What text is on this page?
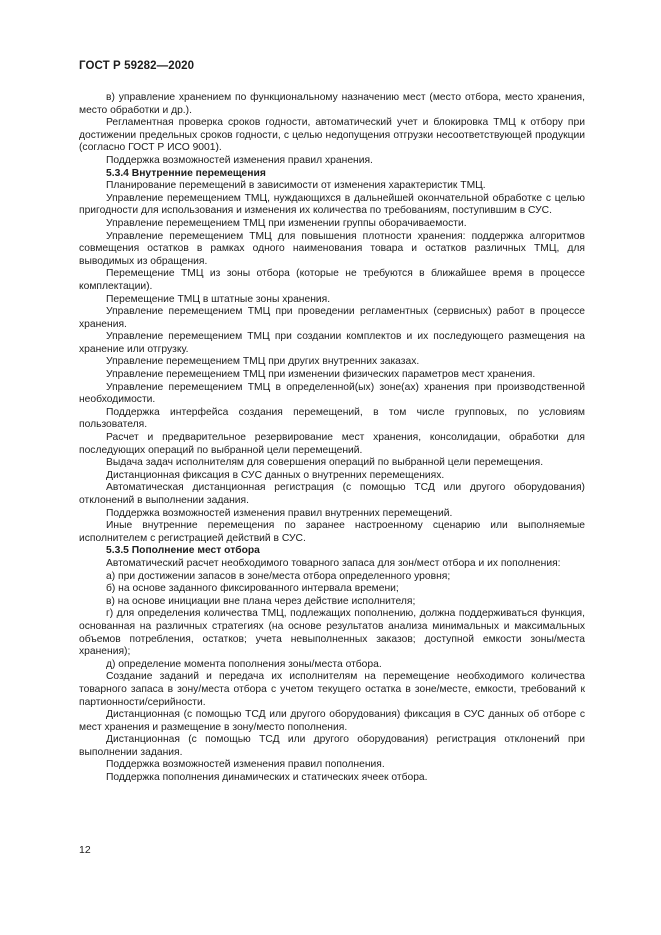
ГОСТ Р 59282—2020

в) управление хранением по функциональному назначению мест (место отбора, место хранения, место обработки и др.).

Регламентная проверка сроков годности, автоматический учет и блокировка ТМЦ к отбору при достижении предельных сроков годности, с целью недопущения отгрузки несоответствующей продукции (согласно ГОСТ Р ИСО 9001).

Поддержка возможностей изменения правил хранения.

5.3.4 Внутренние перемещения

Планирование перемещений в зависимости от изменения характеристик ТМЦ.

Управление перемещением ТМЦ, нуждающихся в дальнейшей окончательной обработке с целью пригодности для использования и изменения их количества по требованиям, поступившим в СУС.

Управление перемещением ТМЦ при изменении группы оборачиваемости.

Управление перемещением ТМЦ для повышения плотности хранения: поддержка алгоритмов совмещения остатков в рамках одного наименования товара и остатков различных ТМЦ, для выводимых из обращения.

Перемещение ТМЦ из зоны отбора (которые не требуются в ближайшее время в процессе комплектации).

Перемещение ТМЦ в штатные зоны хранения.

Управление перемещением ТМЦ при проведении регламентных (сервисных) работ в процессе хранения.

Управление перемещением ТМЦ при создании комплектов и их последующего размещения на хранение или отгрузку.

Управление перемещением ТМЦ при других внутренних заказах.

Управление перемещением ТМЦ при изменении физических параметров мест хранения.

Управление перемещением ТМЦ в определенной(ых) зоне(ах) хранения при производственной необходимости.

Поддержка интерфейса создания перемещений, в том числе групповых, по условиям пользователя.

Расчет и предварительное резервирование мест хранения, консолидации, обработки для последующих операций по выбранной цели перемещений.

Выдача задач исполнителям для совершения операций по выбранной цели перемещения.

Дистанционная фиксация в СУС данных о внутренних перемещениях.

Автоматическая дистанционная регистрация (с помощью ТСД или другого оборудования) отклонений в выполнении задания.

Поддержка возможностей изменения правил внутренних перемещений.

Иные внутренние перемещения по заранее настроенному сценарию или выполняемые исполнителем с регистрацией действий в СУС.

5.3.5 Пополнение мест отбора

Автоматический расчет необходимого товарного запаса для зон/мест отбора и их пополнения:

а) при достижении запасов в зоне/места отбора определенного уровня;

б) на основе заданного фиксированного интервала времени;

в) на основе инициации вне плана через действие исполнителя;

г) для определения количества ТМЦ, подлежащих пополнению, должна поддерживаться функция, основанная на различных стратегиях (на основе результатов анализа минимальных и максимальных объемов потребления, остатков; учета невыполненных заказов; доступной емкости зоны/места хранения);

д) определение момента пополнения зоны/места отбора.

Создание заданий и передача их исполнителям на перемещение необходимого количества товарного запаса в зону/места отбора с учетом текущего остатка в зоне/месте, емкости, требований к партионности/серийности.

Дистанционная (с помощью ТСД или другого оборудования) фиксация в СУС данных об отборе с мест хранения и размещение в зону/место пополнения.

Дистанционная (с помощью ТСД или другого оборудования) регистрация отклонений при выполнении задания.

Поддержка возможностей изменения правил пополнения.

Поддержка пополнения динамических и статических ячеек отбора.

12
